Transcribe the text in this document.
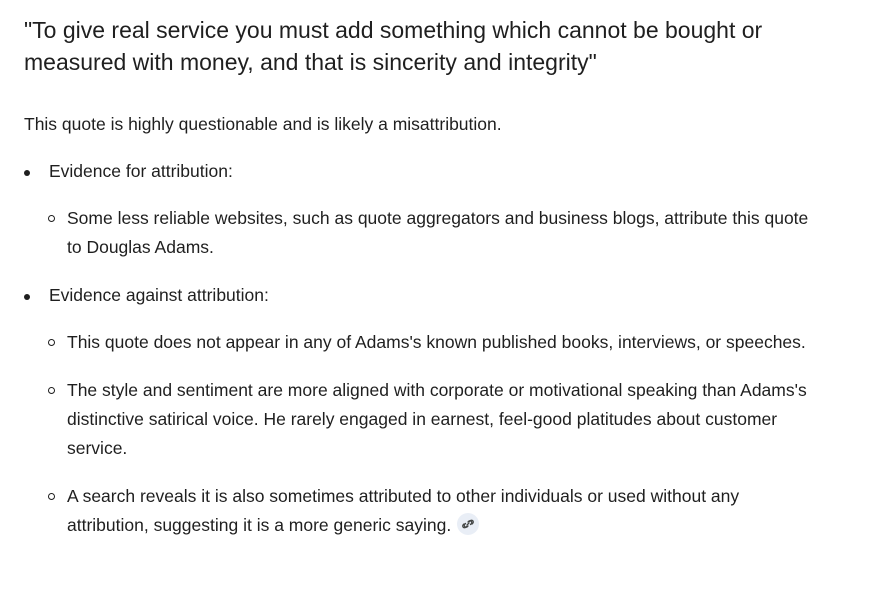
"To give real service you must add something which cannot be bought or measured with money, and that is sincerity and integrity"

This quote is highly questionable and is likely a misattribution.

Evidence for attribution:
Some less reliable websites, such as quote aggregators and business blogs, attribute this quote to Douglas Adams.
Evidence against attribution:
This quote does not appear in any of Adams's known published books, interviews, or speeches.
The style and sentiment are more aligned with corporate or motivational speaking than Adams's distinctive satirical voice. He rarely engaged in earnest, feel-good platitudes about customer service.
A search reveals it is also sometimes attributed to other individuals or used without any attribution, suggesting it is a more generic saying.
